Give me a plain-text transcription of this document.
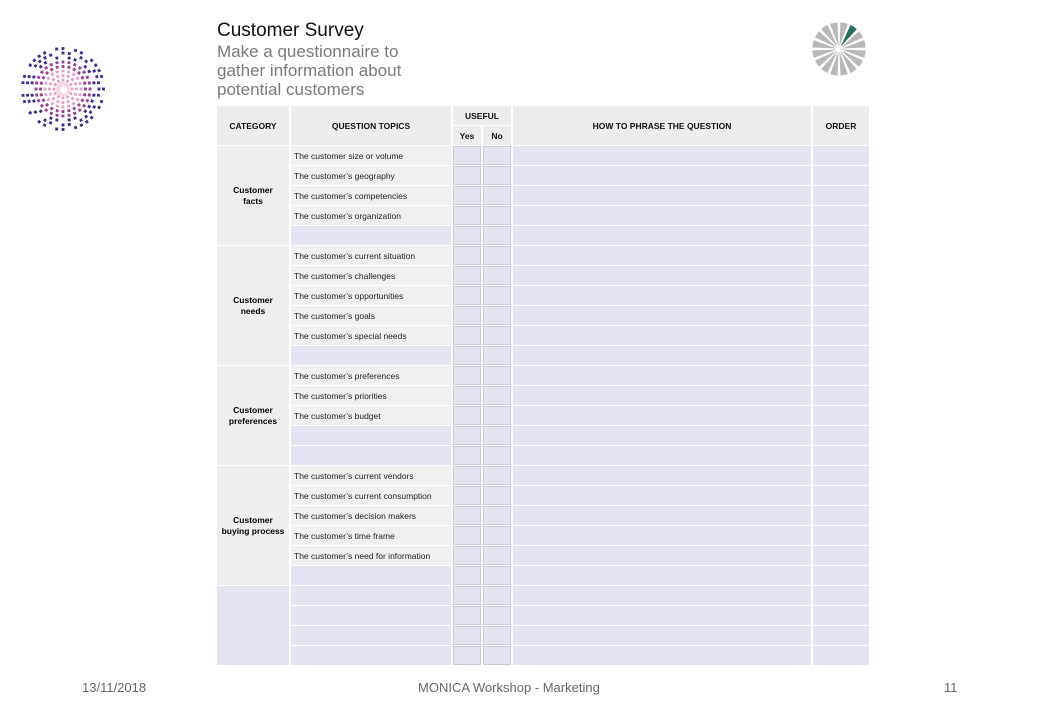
Customer Survey
Make a questionnaire to
gather information about
potential customers
CATEGORY	QUESTION TOPICS	USEFUL		HOW TO PHRASE THE QUESTION	ORDER
		Yes	No		
Customer
facts	The customer size or volume				
	The customer’s geography				
	The customer’s competencies				
	The customer’s organization				

Customer
needs	The customer’s current situation				
	The customer’s challenges				
	The customer’s opportunities				
	The customer’s goals				
	The customer’s special needs				

Customer
preferences	The customer’s preferences				
	The customer’s priorities				
	The customer’s budget				

Customer
buying process	The customer’s current vendors				
	The customer’s current consumption				
	The customer’s decision makers				
	The customer’s time frame				
	The customer’s need for information				

13/11/2018	MONICA Workshop - Marketing	11
